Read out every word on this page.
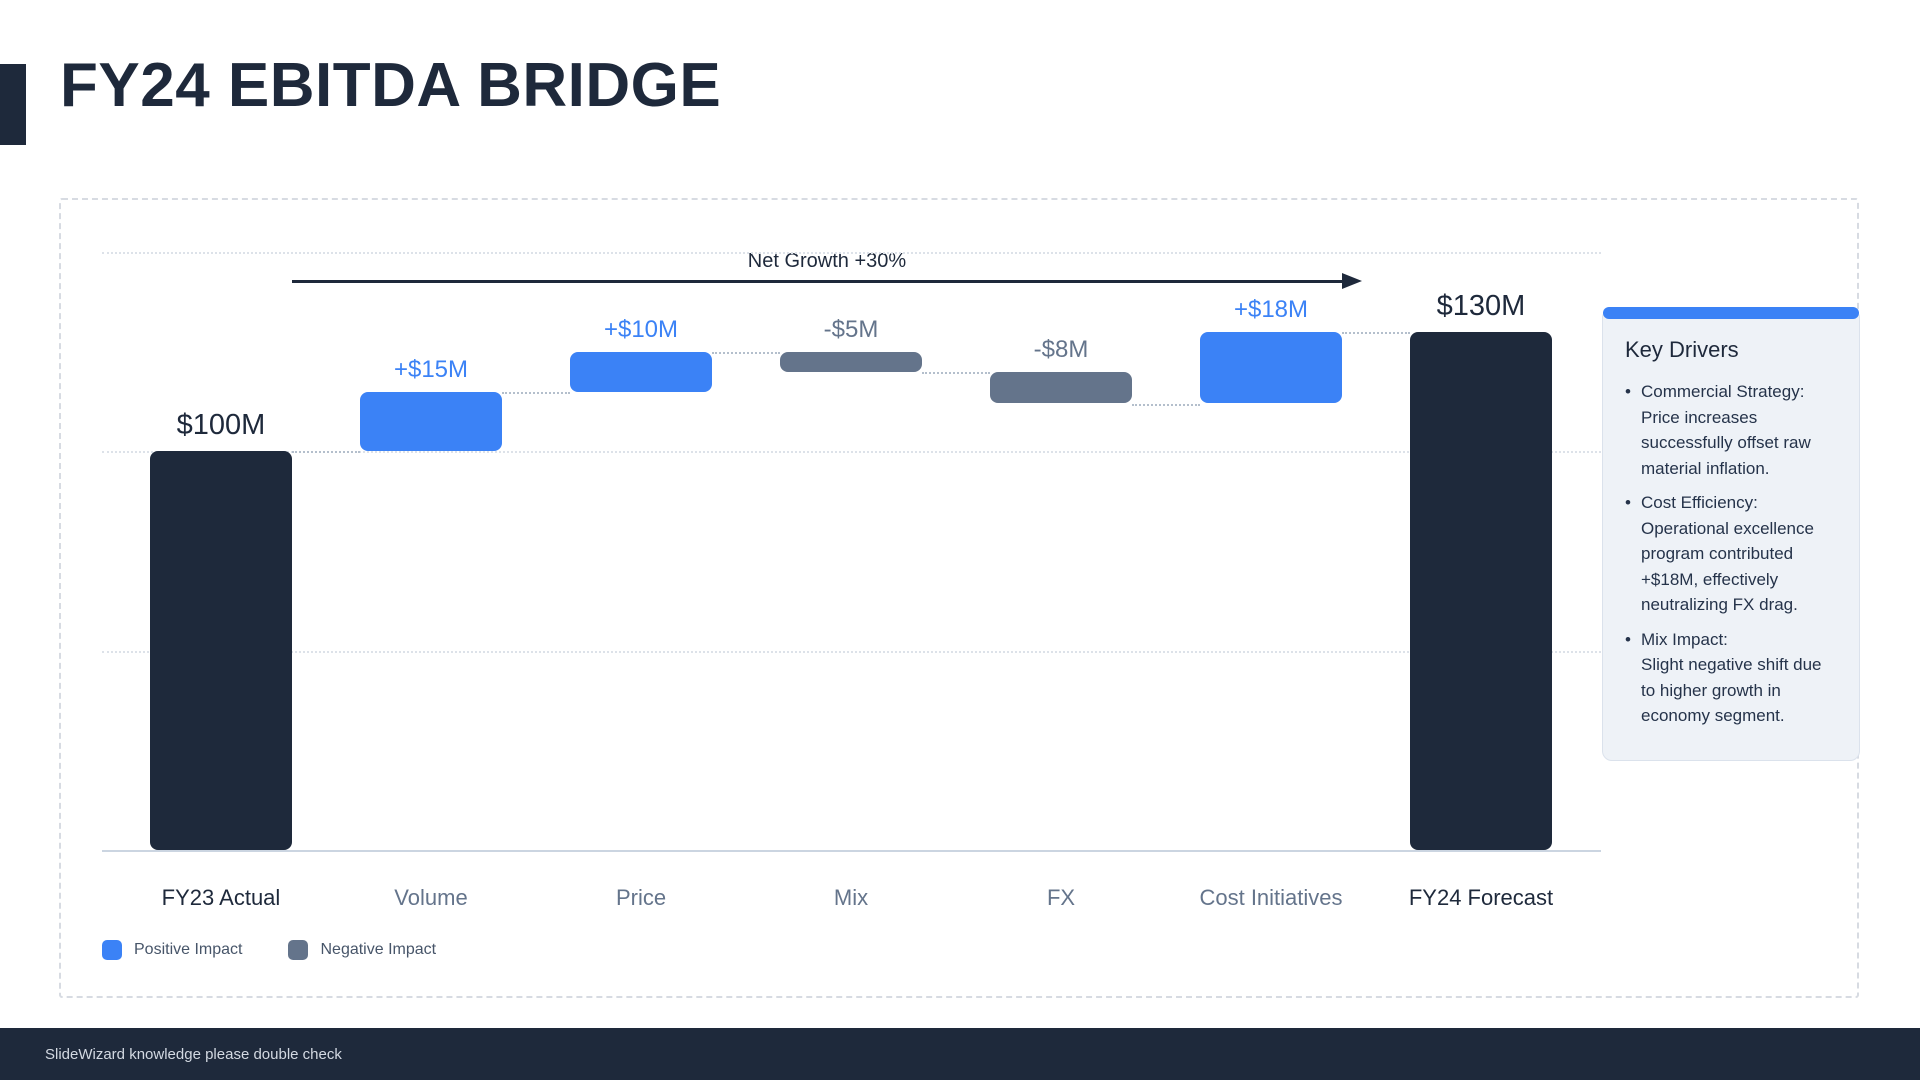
FY24 EBITDA BRIDGE
Net Growth +30%
$100M
FY23 Actual
+$15M
Volume
+$10M
Price
-$5M
Mix
-$8M
FX
+$18M
Cost Initiatives
$130M
FY24 Forecast
Key Drivers
• Commercial Strategy:
Price increases successfully offset raw material inflation.
• Cost Efficiency:
Operational excellence program contributed +$18M, effectively neutralizing FX drag.
• Mix Impact:
Slight negative shift due to higher growth in economy segment.
Positive Impact	Negative Impact
SlideWizard knowledge please double check
